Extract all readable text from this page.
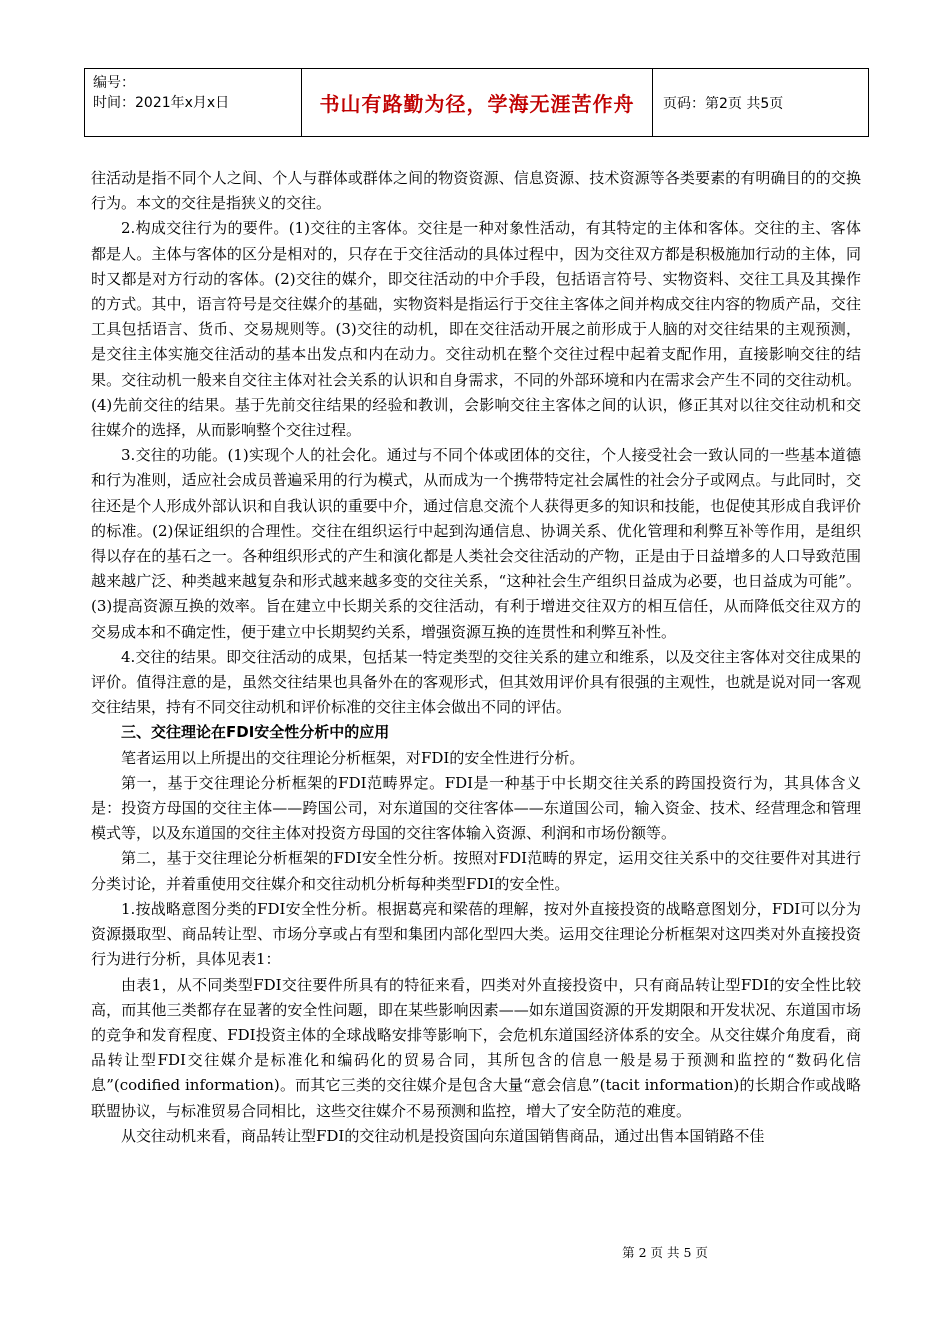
编号：
时间：2021年x月x日	书山有路勤为径，学海无涯苦作舟	页码：第2页 共5页

往活动是指不同个人之间、个人与群体或群体之间的物资资源、信息资源、技术资源等各类要素的有明确目的的交换行为。本文的交往是指狭义的交往。

2.构成交往行为的要件。(1)交往的主客体。交往是一种对象性活动，有其特定的主体和客体。交往的主、客体都是人。主体与客体的区分是相对的，只存在于交往活动的具体过程中，因为交往双方都是积极施加行动的主体，同时又都是对方行动的客体。(2)交往的媒介，即交往活动的中介手段，包括语言符号、实物资料、交往工具及其操作的方式。其中，语言符号是交往媒介的基础，实物资料是指运行于交往主客体之间并构成交往内容的物质产品，交往工具包括语言、货币、交易规则等。(3)交往的动机，即在交往活动开展之前形成于人脑的对交往结果的主观预测，是交往主体实施交往活动的基本出发点和内在动力。交往动机在整个交往过程中起着支配作用，直接影响交往的结果。交往动机一般来自交往主体对社会关系的认识和自身需求，不同的外部环境和内在需求会产生不同的交往动机。(4)先前交往的结果。基于先前交往结果的经验和教训，会影响交往主客体之间的认识，修正其对以往交往动机和交往媒介的选择，从而影响整个交往过程。

3.交往的功能。(1)实现个人的社会化。通过与不同个体或团体的交往，个人接受社会一致认同的一些基本道德和行为准则，适应社会成员普遍采用的行为模式，从而成为一个携带特定社会属性的社会分子或网点。与此同时，交往还是个人形成外部认识和自我认识的重要中介，通过信息交流个人获得更多的知识和技能，也促使其形成自我评价的标准。(2)保证组织的合理性。交往在组织运行中起到沟通信息、协调关系、优化管理和利弊互补等作用，是组织得以存在的基石之一。各种组织形式的产生和演化都是人类社会交往活动的产物，正是由于日益增多的人口导致范围越来越广泛、种类越来越复杂和形式越来越多变的交往关系，“这种社会生产组织日益成为必要，也日益成为可能”。(3)提高资源互换的效率。旨在建立中长期关系的交往活动，有利于增进交往双方的相互信任，从而降低交往双方的交易成本和不确定性，便于建立中长期契约关系，增强资源互换的连贯性和利弊互补性。

4.交往的结果。即交往活动的成果，包括某一特定类型的交往关系的建立和维系，以及交往主客体对交往成果的评价。值得注意的是，虽然交往结果也具备外在的客观形式，但其效用评价具有很强的主观性，也就是说对同一客观交往结果，持有不同交往动机和评价标准的交往主体会做出不同的评估。

三、交往理论在FDI安全性分析中的应用

笔者运用以上所提出的交往理论分析框架，对FDI的安全性进行分析。

第一，基于交往理论分析框架的FDI范畴界定。FDI是一种基于中长期交往关系的跨国投资行为，其具体含义是：投资方母国的交往主体——跨国公司，对东道国的交往客体——东道国公司，输入资金、技术、经营理念和管理模式等，以及东道国的交往主体对投资方母国的交往客体输入资源、利润和市场份额等。

第二，基于交往理论分析框架的FDI安全性分析。按照对FDI范畴的界定，运用交往关系中的交往要件对其进行分类讨论，并着重使用交往媒介和交往动机分析每种类型FDI的安全性。

1.按战略意图分类的FDI安全性分析。根据葛亮和梁蓓的理解，按对外直接投资的战略意图划分，FDI可以分为资源摄取型、商品转让型、市场分享或占有型和集团内部化型四大类。运用交往理论分析框架对这四类对外直接投资行为进行分析，具体见表1：

由表1，从不同类型FDI交往要件所具有的特征来看，四类对外直接投资中，只有商品转让型FDI的安全性比较高，而其他三类都存在显著的安全性问题，即在某些影响因素——如东道国资源的开发期限和开发状况、东道国市场的竞争和发育程度、FDI投资主体的全球战略安排等影响下，会危机东道国经济体系的安全。从交往媒介角度看，商品转让型FDI交往媒介是标准化和编码化的贸易合同，其所包含的信息一般是易于预测和监控的“数码化信息”(codified information)。而其它三类的交往媒介是包含大量“意会信息”(tacit information)的长期合作或战略联盟协议，与标准贸易合同相比，这些交往媒介不易预测和监控，增大了安全防范的难度。

从交往动机来看，商品转让型FDI的交往动机是投资国向东道国销售商品，通过出售本国销路不佳

第 2 页 共 5 页
